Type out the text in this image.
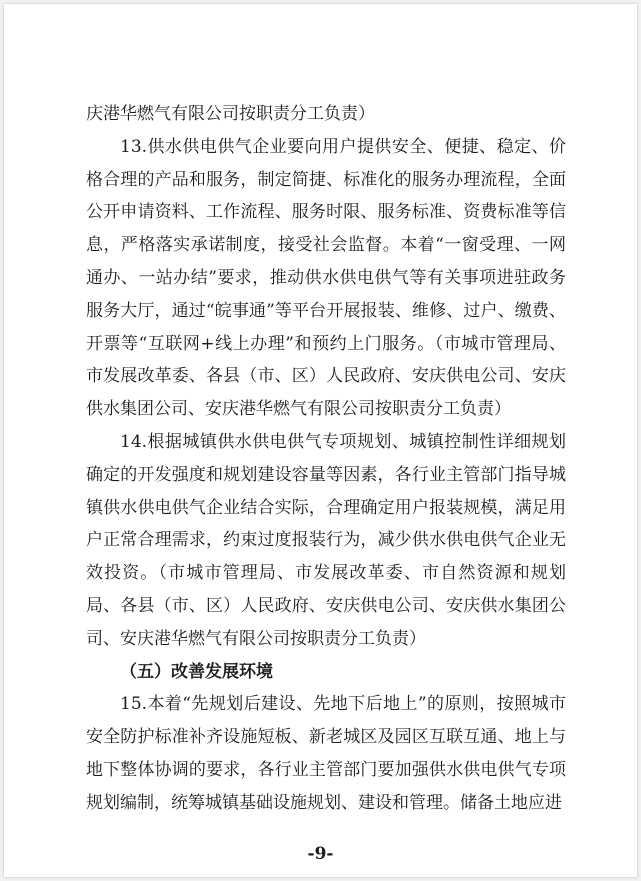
庆港华燃气有限公司按职责分工负责）

13.供水供电供气企业要向用户提供安全、便捷、稳定、价格合理的产品和服务，制定简捷、标准化的服务办理流程，全面公开申请资料、工作流程、服务时限、服务标准、资费标准等信息，严格落实承诺制度，接受社会监督。本着“一窗受理、一网通办、一站办结”要求，推动供水供电供气等有关事项进驻政务服务大厅，通过“皖事通”等平台开展报装、维修、过户、缴费、开票等“互联网+线上办理”和预约上门服务。（市城市管理局、市发展改革委、各县（市、区）人民政府、安庆供电公司、安庆供水集团公司、安庆港华燃气有限公司按职责分工负责）

14.根据城镇供水供电供气专项规划、城镇控制性详细规划确定的开发强度和规划建设容量等因素，各行业主管部门指导城镇供水供电供气企业结合实际，合理确定用户报装规模，满足用户正常合理需求，约束过度报装行为，减少供水供电供气企业无效投资。（市城市管理局、市发展改革委、市自然资源和规划局、各县（市、区）人民政府、安庆供电公司、安庆供水集团公司、安庆港华燃气有限公司按职责分工负责）

（五）改善发展环境

15.本着“先规划后建设、先地下后地上”的原则，按照城市安全防护标准补齐设施短板、新老城区及园区互联互通、地上与地下整体协调的要求，各行业主管部门要加强供水供电供气专项规划编制，统筹城镇基础设施规划、建设和管理。储备土地应进

-9-
